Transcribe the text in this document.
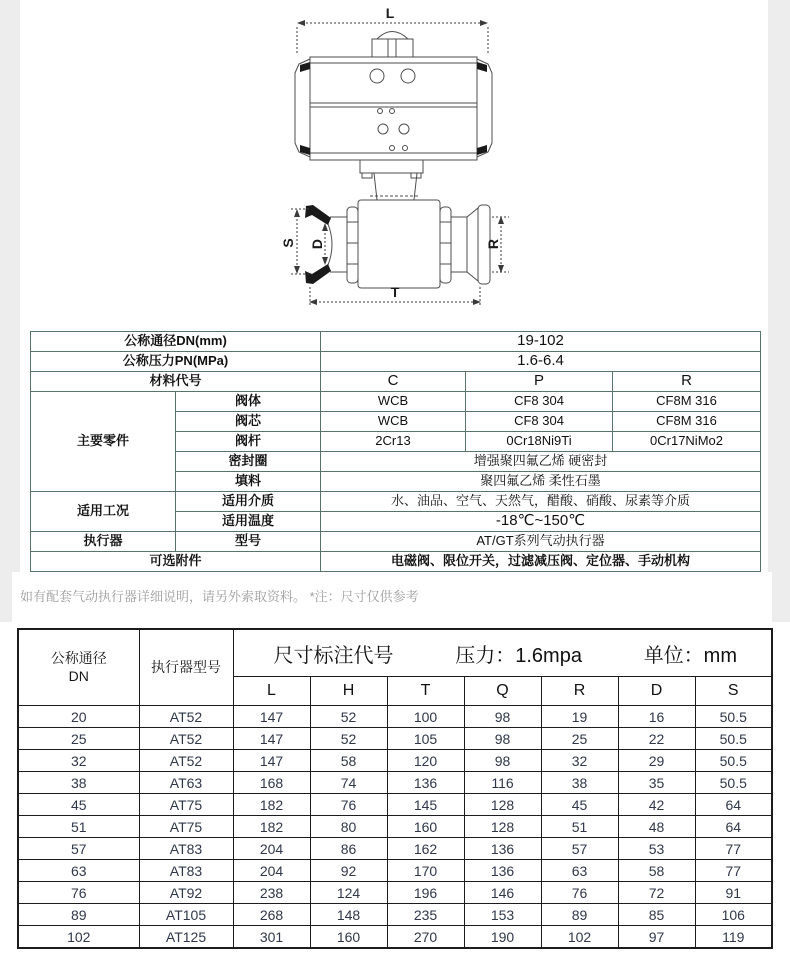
L
S D	R
T
公称通径DN(mm)		19-102		
公称压力PN(MPa)		1.6-6.4		
材料代号		C	P	R
主要零件	阀体	WCB	CF8 304	CF8M 316
	阀芯	WCB	CF8 304	CF8M 316
	阀杆	2Cr13	0Cr18Ni9Ti	0Cr17NiMo2
	密封圈	增强聚四氟乙烯 硬密封		
	填料	聚四氟乙烯 柔性石墨		
适用工况	适用介质	水、油品、空气、天然气，醋酸、硝酸、尿素等介质		
	适用温度	-18℃~150℃		
执行器	型号	AT/GT系列气动执行器		
可选附件		电磁阀、限位开关，过滤减压阀、定位器、手动机构		
如有配套气动执行器详细说明，请另外索取资料。 *注：尺寸仅供参考
公称通径
DN
	执行器型号	
尺寸标注代号	压力：1.6mpa	单位：mm

		L	H	T	Q	R	D	S
20	AT52	147	52	100	98	19	16	50.5
25	AT52	147	52	105	98	25	22	50.5
32	AT52	147	58	120	98	32	29	50.5
38	AT63	168	74	136	116	38	35	50.5
45	AT75	182	76	145	128	45	42	64
51	AT75	182	80	160	128	51	48	64
57	AT83	204	86	162	136	57	53	77
63	AT83	204	92	170	136	63	58	77
76	AT92	238	124	196	146	76	72	91
89	AT105	268	148	235	153	89	85	106
102	AT125	301	160	270	190	102	97	119
